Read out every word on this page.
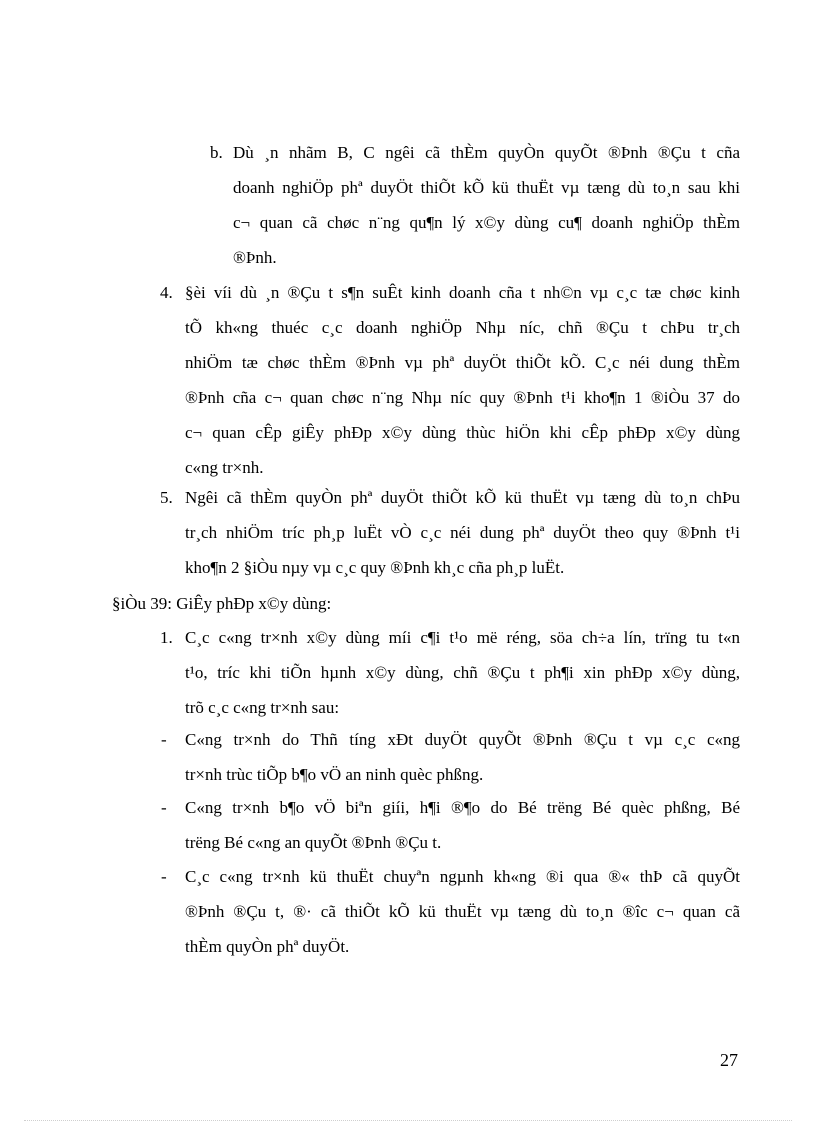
b. Dù ¸n nhãm B, C ngêi cã thÈm quyÒn quyÕt ®Þnh ®Çu t cña
doanh nghiÖp phª duyÖt thiÕt kÕ kü thuËt vµ tæng dù to¸n sau khi
c¬ quan cã chøc n¨ng qu¶n lý x©y dùng cu¶ doanh nghiÖp thÈm
®Þnh.
4. §èi víi dù ¸n ®Çu t s¶n suÊt kinh doanh cña t nh©n vµ c¸c tæ chøc kinh
tÕ kh«ng thuéc c¸c doanh nghiÖp Nhµ níc, chñ ®Çu t chÞu tr¸ch
nhiÖm tæ chøc thÈm ®Þnh vµ phª duyÖt thiÕt kÕ. C¸c néi dung thÈm
®Þnh cña c¬ quan chøc n¨ng Nhµ níc quy ®Þnh t¹i kho¶n 1 ®iÒu 37 do
c¬ quan cÊp giÊy phÐp x©y dùng thùc hiÖn khi cÊp phÐp x©y dùng
c«ng tr×nh.
5. Ngêi cã thÈm quyÒn phª duyÖt thiÕt kÕ kü thuËt vµ tæng dù to¸n chÞu
tr¸ch nhiÖm tríc ph¸p luËt vÒ c¸c néi dung phª duyÖt theo quy ®Þnh t¹i
kho¶n 2 §iÒu nµy vµ c¸c quy ®Þnh kh¸c cña ph¸p luËt.
§iÒu 39: GiÊy phÐp x©y dùng:
1. C¸c c«ng tr×nh x©y dùng míi c¶i t¹o më réng, söa ch÷a lín, trïng tu t«n
t¹o, tríc khi tiÕn hµnh x©y dùng, chñ ®Çu t ph¶i xin phÐp x©y dùng,
trõ c¸c c«ng tr×nh sau:
- C«ng tr×nh do Thñ tíng xÐt duyÖt quyÕt ®Þnh ®Çu t vµ c¸c c«ng
tr×nh trùc tiÕp b¶o vÖ an ninh quèc phßng.
- C«ng tr×nh b¶o vÖ biªn giíi, h¶i ®¶o do Bé trëng Bé quèc phßng, Bé
trëng Bé c«ng an quyÕt ®Þnh ®Çu t.
- C¸c c«ng tr×nh kü thuËt chuyªn ngµnh kh«ng ®i qua ®« thÞ cã quyÕt
®Þnh ®Çu t, ®· cã thiÕt kÕ kü thuËt vµ tæng dù to¸n ®îc c¬ quan cã
thÈm quyÒn phª duyÖt.
27
